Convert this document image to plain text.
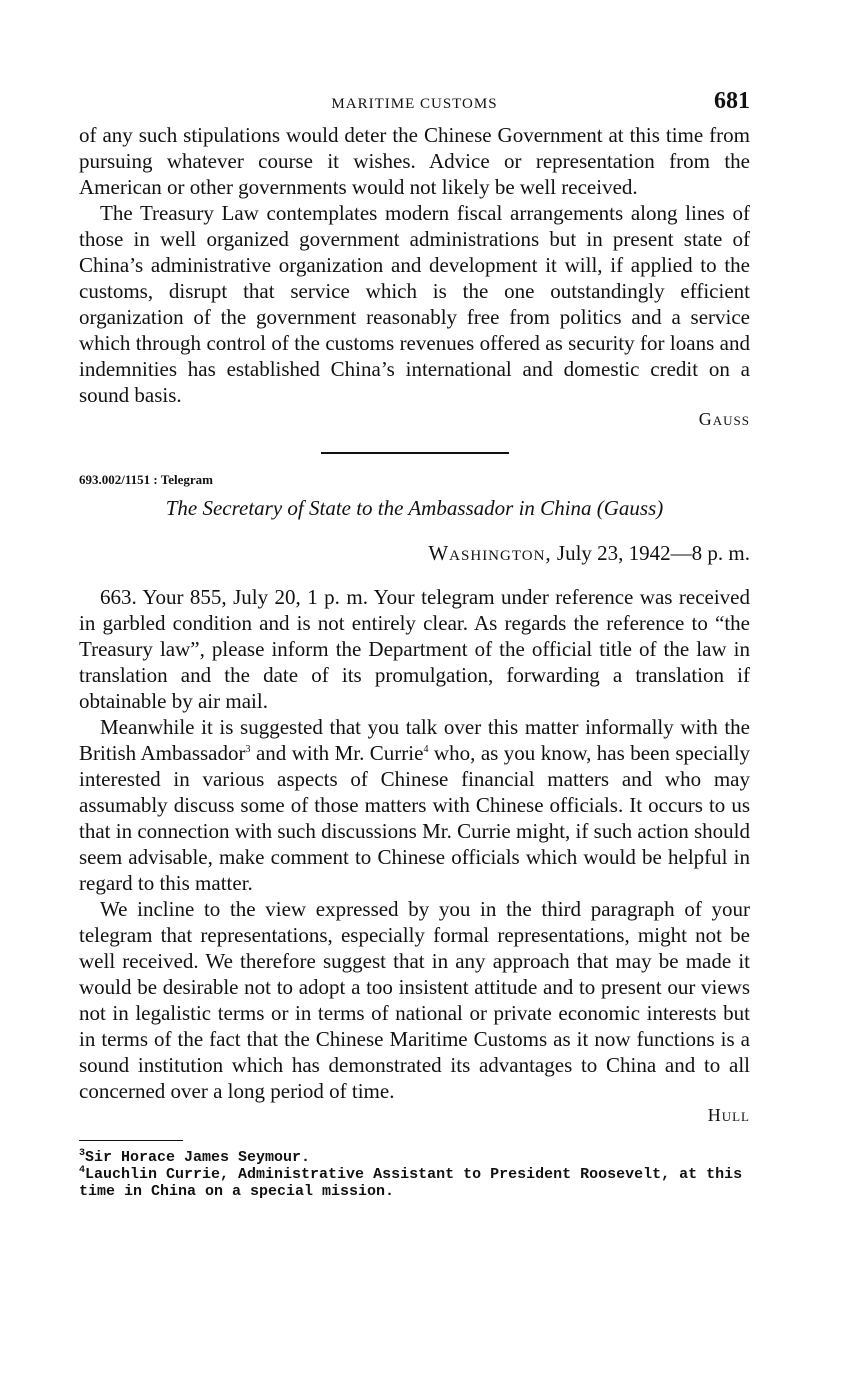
MARITIME CUSTOMS	681

of any such stipulations would deter the Chinese Government at this time from pursuing whatever course it wishes. Advice or representation from the American or other governments would not likely be well received.

The Treasury Law contemplates modern fiscal arrangements along lines of those in well organized government administrations but in present state of China’s administrative organization and development it will, if applied to the customs, disrupt that service which is the one outstandingly efficient organization of the government reasonably free from politics and a service which through control of the customs revenues offered as security for loans and indemnities has established China’s international and domestic credit on a sound basis.

Gauss
693.002/1151 : Telegram
The Secretary of State to the Ambassador in China (Gauss)
Washington, July 23, 1942—8 p. m.

663. Your 855, July 20, 1 p. m. Your telegram under reference was received in garbled condition and is not entirely clear. As regards the reference to “the Treasury law”, please inform the Department of the official title of the law in translation and the date of its promulgation, forwarding a translation if obtainable by air mail.

Meanwhile it is suggested that you talk over this matter informally with the British Ambassador$^3$ and with Mr. Currie$^4$ who, as you know, has been specially interested in various aspects of Chinese financial matters and who may assumably discuss some of those matters with Chinese officials. It occurs to us that in connection with such discussions Mr. Currie might, if such action should seem advisable, make comment to Chinese officials which would be helpful in regard to this matter.

We incline to the view expressed by you in the third paragraph of your telegram that representations, especially formal representations, might not be well received. We therefore suggest that in any approach that may be made it would be desirable not to adopt a too insistent attitude and to present our views not in legalistic terms or in terms of national or private economic interests but in terms of the fact that the Chinese Maritime Customs as it now functions is a sound institution which has demonstrated its advantages to China and to all concerned over a long period of time.

Hull
$^3$Sir Horace James Seymour.
$^4$Lauchlin Currie, Administrative Assistant to President Roosevelt, at this time in China on a special mission.
